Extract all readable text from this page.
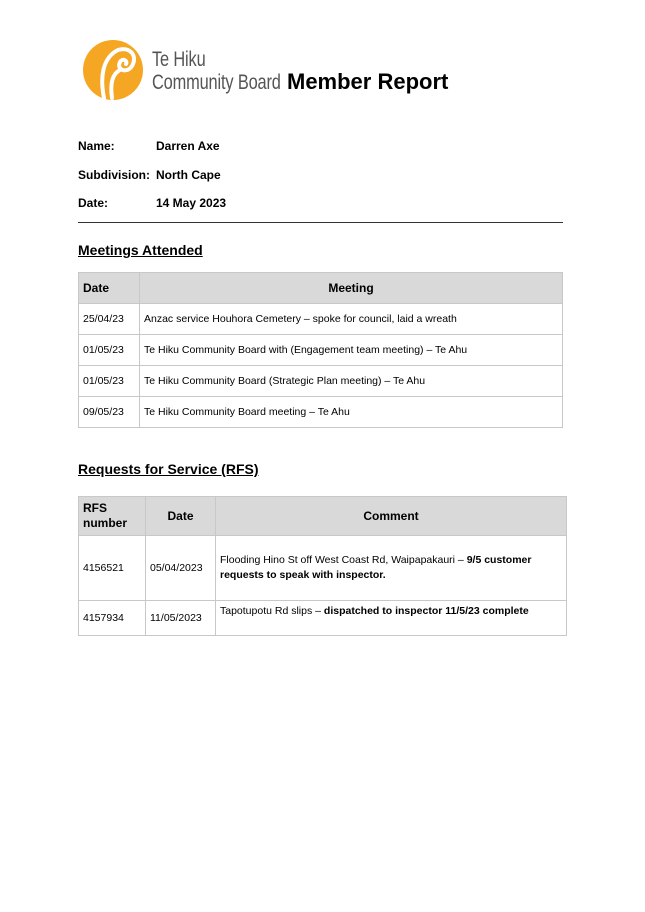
Te Hiku
Community Board Member Report
Name:	Darren Axe
Subdivision: North Cape
Date:	14 May 2023
Meetings Attended
Date	Meeting
25/04/23	Anzac service Houhora Cemetery – spoke for council, laid a wreath
01/05/23	Te Hiku Community Board with (Engagement team meeting) – Te Ahu
01/05/23	Te Hiku Community Board (Strategic Plan meeting) – Te Ahu
09/05/23	Te Hiku Community Board meeting – Te Ahu
Requests for Service (RFS)
RFS number	Date	Comment
4156521	05/04/2023	Flooding Hino St off West Coast Rd, Waipapakauri – 9/5 customer requests to speak with inspector.
4157934	11/05/2023	Tapotupotu Rd slips – dispatched to inspector 11/5/23 complete
